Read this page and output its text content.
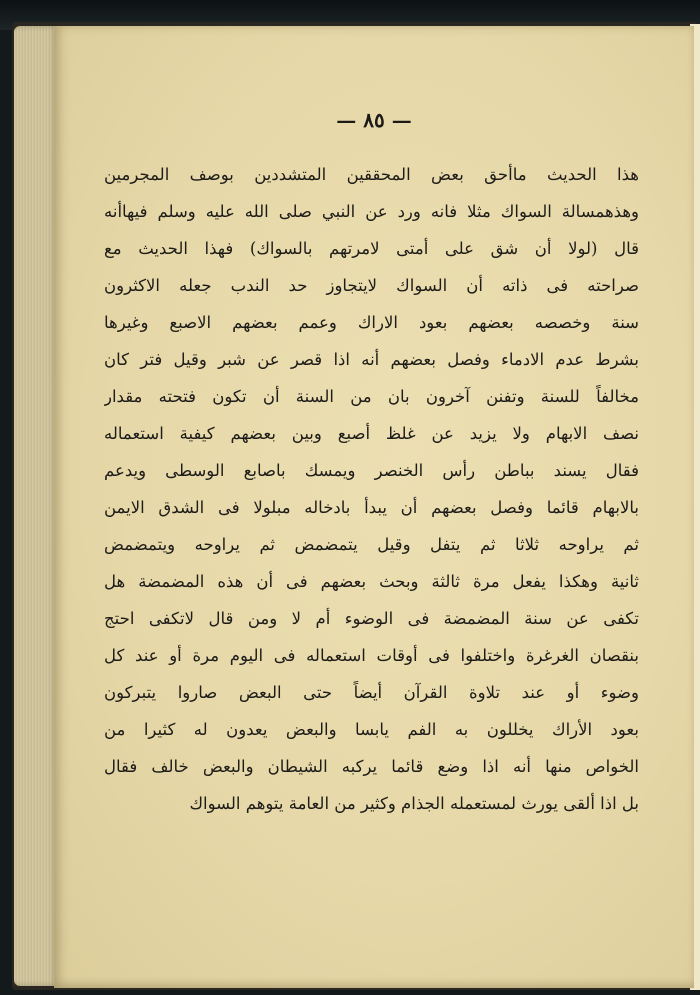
— ٨٥ —
هذا الحديث ماأحق بعض المحققين المتشددين بوصف المجرمين
وهذهمسالة السواك مثلا فانه ورد عن النبي صلى الله عليه وسلم فيهاأنه
قال (لولا أن شق على أمتى لامرتهم بالسواك) فهذا الحديث مع
صراحته فى ذاته أن السواك لايتجاوز حد الندب جعله الاكثرون
سنة وخصصه بعضهم بعود الاراك وعمم بعضهم الاصبع وغيرها
بشرط عدم الادماء وفصل بعضهم أنه اذا قصر عن شبر وقيل فتر كان
مخالفاً للسنة وتفنن آخرون بان من السنة أن تكون فتحته مقدار
نصف الابهام ولا يزيد عن غلظ أصبع وبين بعضهم كيفية استعماله
فقال يسند بباطن رأس الخنصر ويمسك باصابع الوسطى ويدعم
بالابهام قائما وفصل بعضهم أن يبدأ بادخاله مبلولا فى الشدق الايمن
ثم يراوحه ثلاثا ثم يتفل وقيل يتمضمض ثم يراوحه ويتمضمض
ثانية وهكذا يفعل مرة ثالثة وبحث بعضهم فى أن هذه المضمضة هل
تكفى عن سنة المضمضة فى الوضوء أم لا ومن قال لاتكفى احتج
بنقصان الغرغرة واختلفوا فى أوقات استعماله فى اليوم مرة أو عند كل
وضوء أو عند تلاوة القرآن أيضاً حتى البعض صاروا يتبركون
بعود الأراك يخللون به الفم يابسا والبعض يعدون له كثيرا من
الخواص منها أنه اذا وضع قائما يركبه الشيطان والبعض خالف فقال
بل اذا ألقى يورث لمستعمله الجذام وكثير من العامة يتوهم السواك
